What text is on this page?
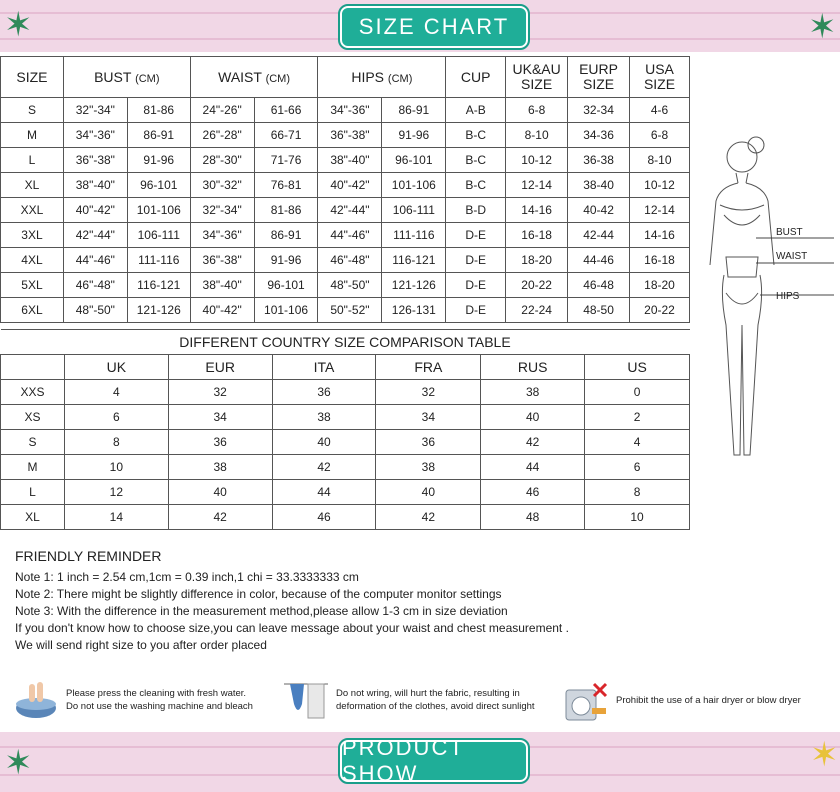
✶	✶
SIZE CHART
SIZE	BUST (CM)		WAIST (CM)		HIPS (CM)		CUP	UK&AU SIZE	EURP SIZE	USA SIZE
S	32"-34"	81-86	24"-26"	61-66	34"-36"	86-91	A-B	6-8	32-34	4-6
M	34"-36"	86-91	26"-28"	66-71	36"-38"	91-96	B-C	8-10	34-36	6-8
L	36"-38"	91-96	28"-30"	71-76	38"-40"	96-101	B-C	10-12	36-38	8-10
XL	38"-40"	96-101	30"-32"	76-81	40"-42"	101-106	B-C	12-14	38-40	10-12
XXL	40"-42"	101-106	32"-34"	81-86	42"-44"	106-111	B-D	14-16	40-42	12-14
3XL	42"-44"	106-111	34"-36"	86-91	44"-46"	111-116	D-E	16-18	42-44	14-16
4XL	44"-46"	111-116	36"-38"	91-96	46"-48"	116-121	D-E	18-20	44-46	16-18
5XL	46"-48"	116-121	38"-40"	96-101	48"-50"	121-126	D-E	20-22	46-48	18-20
6XL	48"-50"	121-126	40"-42"	101-106	50"-52"	126-131	D-E	22-24	48-50	20-22
DIFFERENT COUNTRY SIZE COMPARISON TABLE						
	UK	EUR	ITA	FRA	RUS	US
XXS	4	32	36	32	38	0
XS	6	34	38	34	40	2
S	8	36	40	36	42	4
M	10	38	42	38	44	6
L	12	40	44	40	46	8
XL	14	42	46	42	48	10
BUST
WAIST
HIPS
FRIENDLY REMINDER

Note 1: 1 inch = 2.54 cm,1cm = 0.39 inch,1 chi = 33.3333333 cm

Note 2: There might be slightly difference in color, because of the computer monitor settings

Note 3: With the difference in the measurement method,please allow 1-3 cm in size deviation

If you don't know how to choose size,you can leave message about your waist and chest measurement .

We will send right size to you after order placed

Please press the cleaning with fresh water.
Do not use the washing machine and bleach
Do not wring, will hurt the fabric, resulting in
deformation of the clothes, avoid direct sunlight
Prohibit the use of a hair dryer or blow dryer
✶	✶
PRODUCT SHOW
